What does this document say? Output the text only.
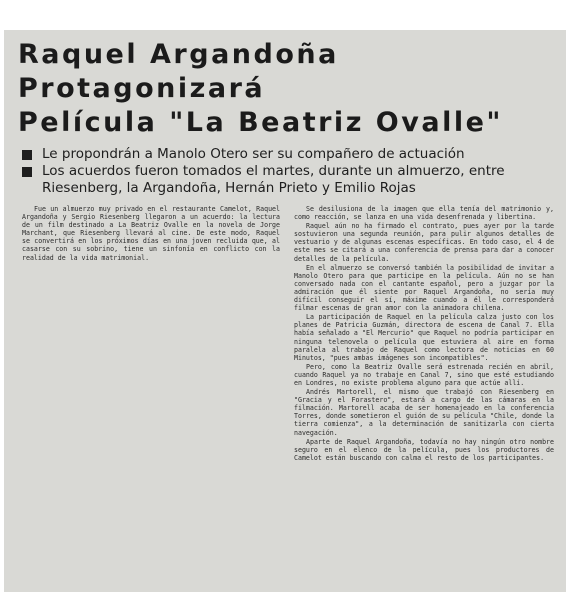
Raquel Argandoña Protagonizará
Película "La Beatriz Ovalle"
Le propondrán a Manolo Otero ser su compañero de actuación
Los acuerdos fueron tomados el martes, durante un almuerzo, entre Riesenberg, la Argandoña, Hernán Prieto y Emilio Rojas

Fue un almuerzo muy privado en el restaurante Camelot, Raquel Argandoña y Sergio Riesenberg llegaron a un acuerdo: la lectura de un film destinado a La Beatriz Ovalle en la novela de Jorge Marchant, que Riesenberg llevará al cine. De este modo, Raquel se convertirá en los próximos días en una joven recluida que, al casarse con su sobrino, tiene un sinfonía en conflicto con la realidad de la vida matrimonial.

Se desilusiona de la imagen que ella tenía del matrimonio y, como reacción, se lanza en una vida desenfrenada y libertina.

Raquel aún no ha firmado el contrato, pues ayer por la tarde sostuvieron una segunda reunión, para pulir algunos detalles de vestuario y de algunas escenas específicas. En todo caso, el 4 de este mes se citará a una conferencia de prensa para dar a conocer detalles de la película.

En el almuerzo se conversó también la posibilidad de invitar a Manolo Otero para que participe en la película. Aún no se han conversado nada con el cantante español, pero a juzgar por la admiración que él siente por Raquel Argandoña, no sería muy difícil conseguir el sí, máxime cuando a él le corresponderá filmar escenas de gran amor con la animadora chilena.

La participación de Raquel en la película calza justo con los planes de Patricia Guzmán, directora de escena de Canal 7. Ella había señalado a "El Mercurio" que Raquel no podría participar en ninguna telenovela o película que estuviera al aire en forma paralela al trabajo de Raquel como lectora de noticias en 60 Minutos, "pues ambas imágenes son incompatibles".

Pero, como la Beatriz Ovalle será estrenada recién en abril, cuando Raquel ya no trabaje en Canal 7, sino que esté estudiando en Londres, no existe problema alguno para que actúe allí.

Andrés Martorell, el mismo que trabajó con Riesenberg en "Gracia y el Forastero", estará a cargo de las cámaras en la filmación. Martorell acaba de ser homenajeado en la conferencia Torres, donde sometieron el guión de su película "Chile, donde la tierra comienza", a la determinación de sanitizarla con cierta navegación.

Aparte de Raquel Argandoña, todavía no hay ningún otro nombre seguro en el elenco de la película, pues los productores de Camelot están buscando con calma el resto de los participantes.
